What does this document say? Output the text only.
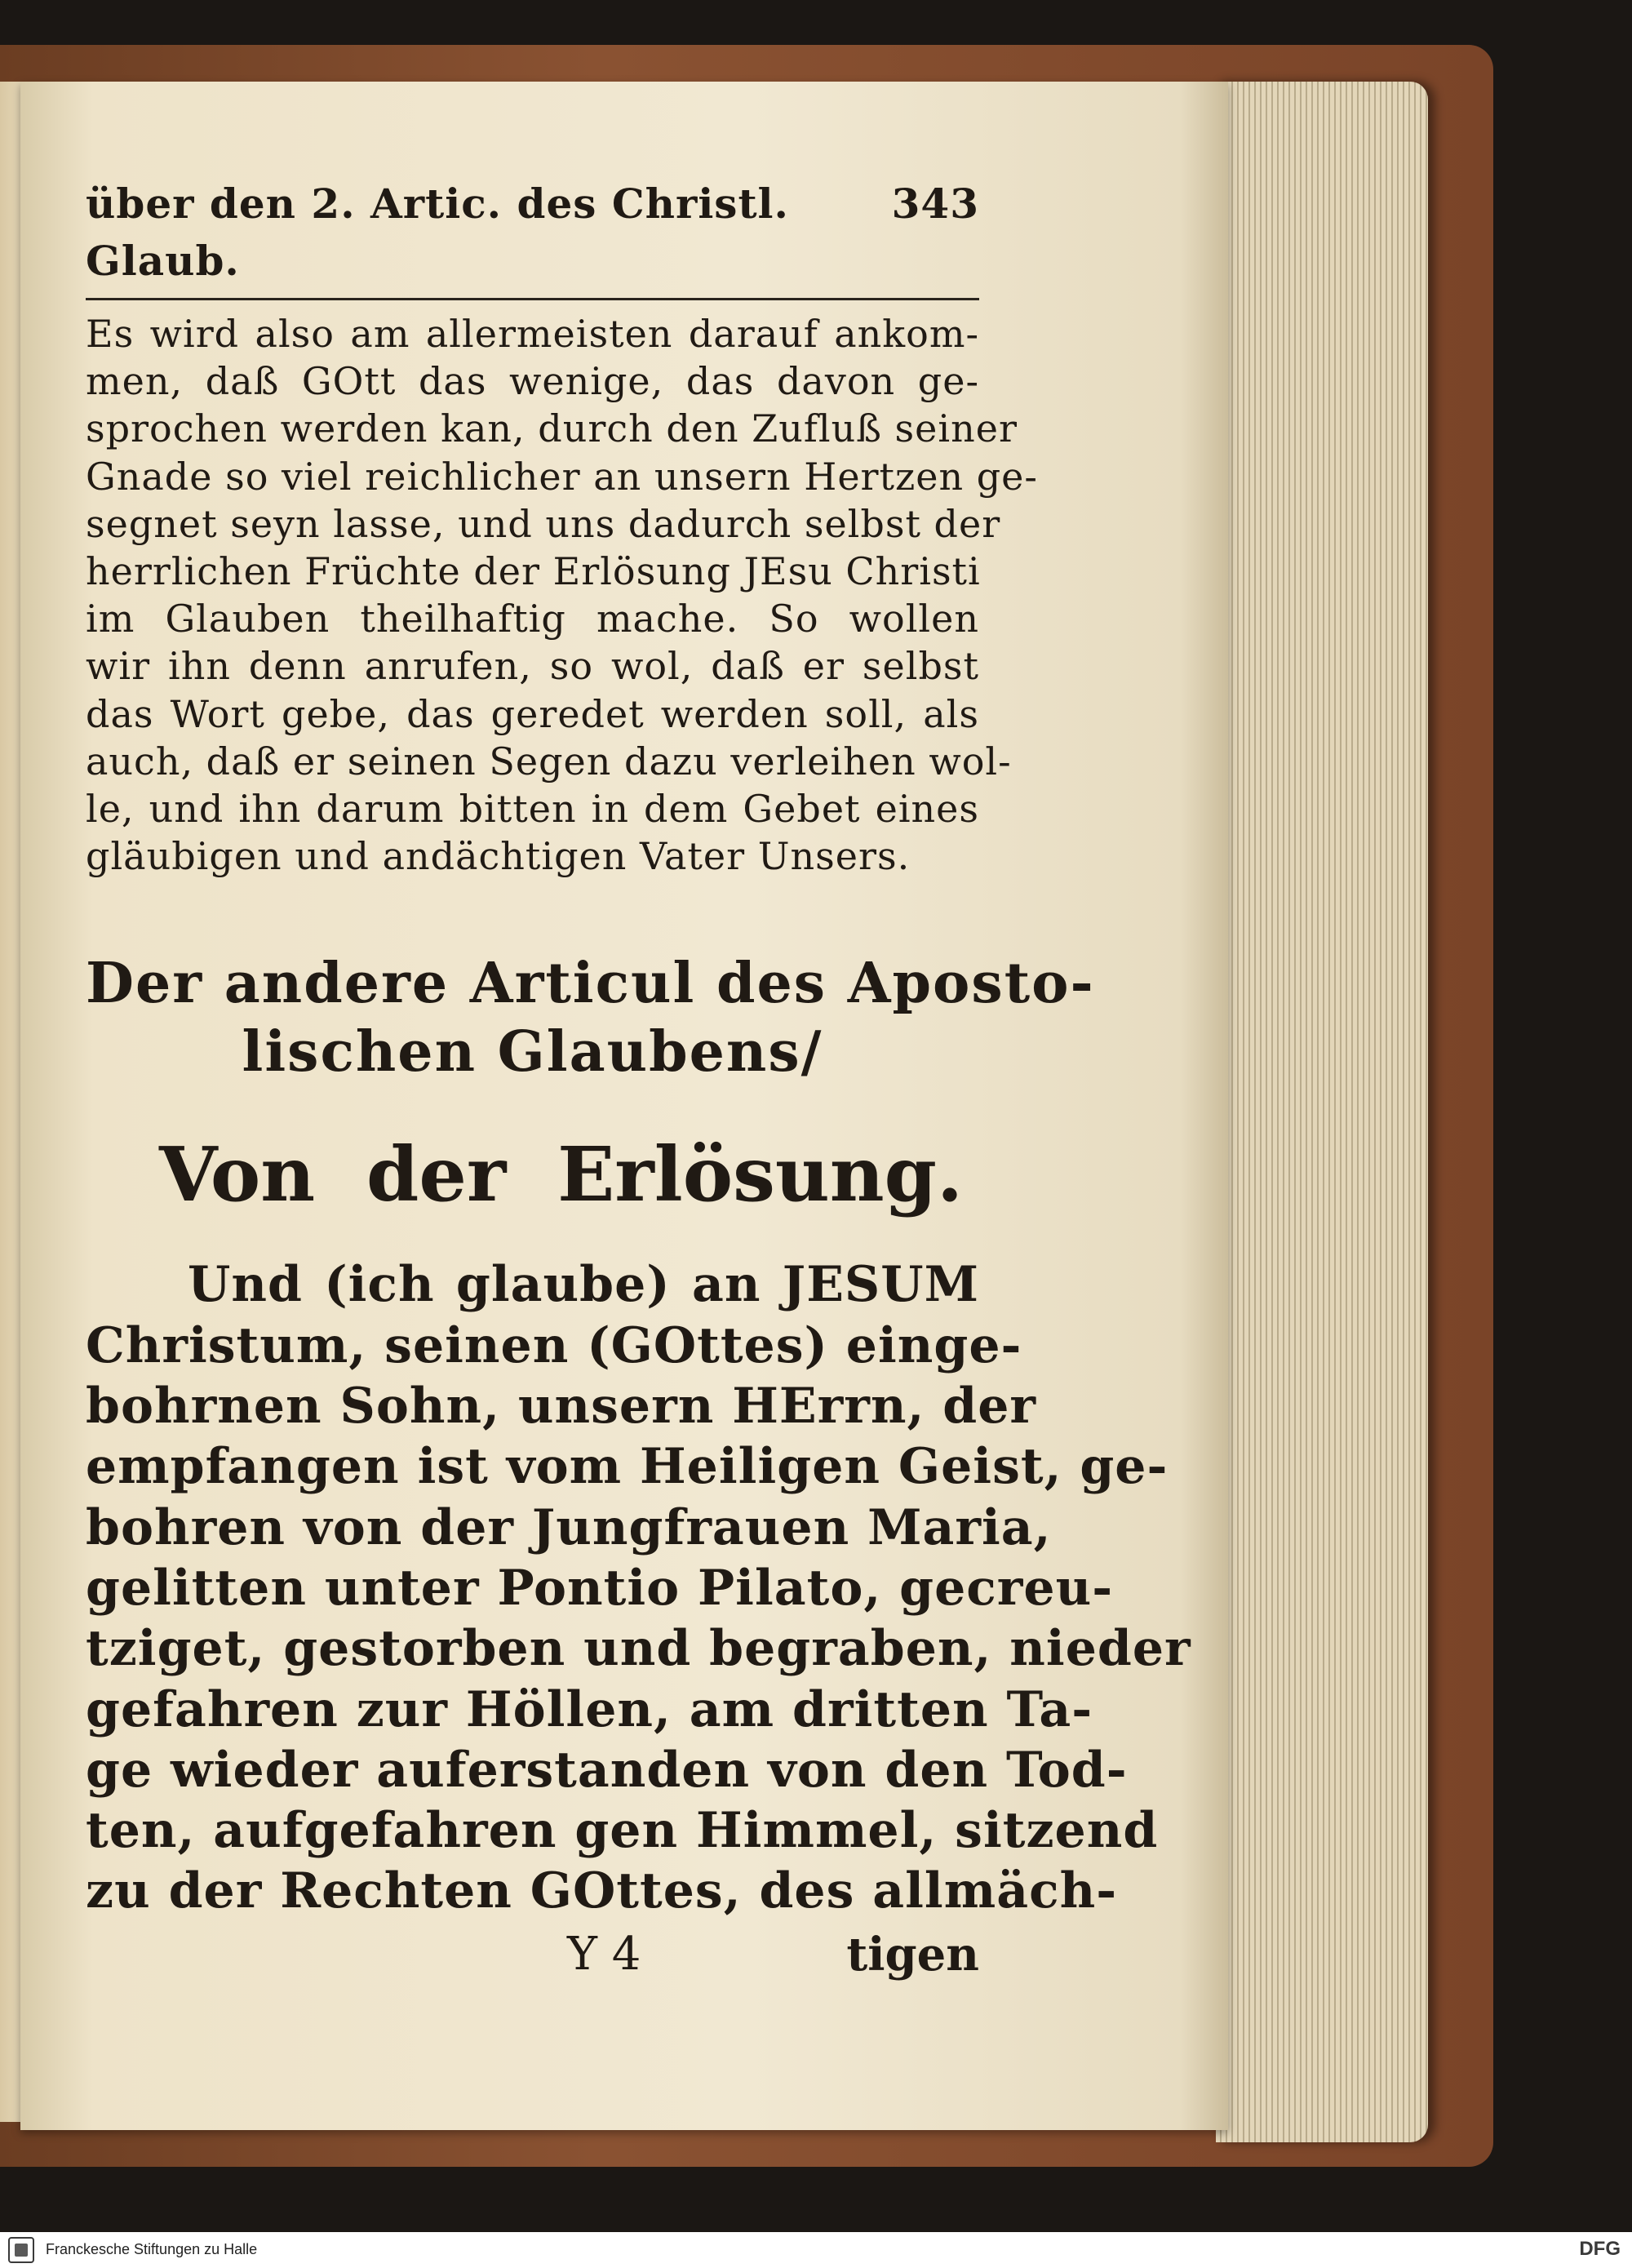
über den 2. Artic. des Christl. Glaub.
343
Es wird also am allermeisten darauf ankom-
men, daß GOtt das wenige, das davon ge-
sprochen werden kan, durch den Zufluß seiner
Gnade so viel reichlicher an unsern Hertzen ge-
segnet seyn lasse, und uns dadurch selbst der
herrlichen Früchte der Erlösung JEsu Christi
im Glauben theilhaftig mache. So wollen
wir ihn denn anrufen, so wol, daß er selbst
das Wort gebe, das geredet werden soll, als
auch, daß er seinen Segen dazu verleihen wol-
le, und ihn darum bitten in dem Gebet eines
gläubigen und andächtigen Vater Unsers.
Der andere Articul des Aposto-
lischen Glaubens/
Von der Erlösung.
Und (ich glaube) an JESUM
Christum, seinen (GOttes) einge-
bohrnen Sohn, unsern HErrn, der
empfangen ist vom Heiligen Geist, ge-
bohren von der Jungfrauen Maria,
gelitten unter Pontio Pilato, gecreu-
tziget, gestorben und begraben, nieder
gefahren zur Höllen, am dritten Ta-
ge wieder auferstanden von den Tod-
ten, aufgefahren gen Himmel, sitzend
zu der Rechten GOttes, des allmäch-
Y 4	tigen
Franckesche Stiftungen zu Halle	DFG
